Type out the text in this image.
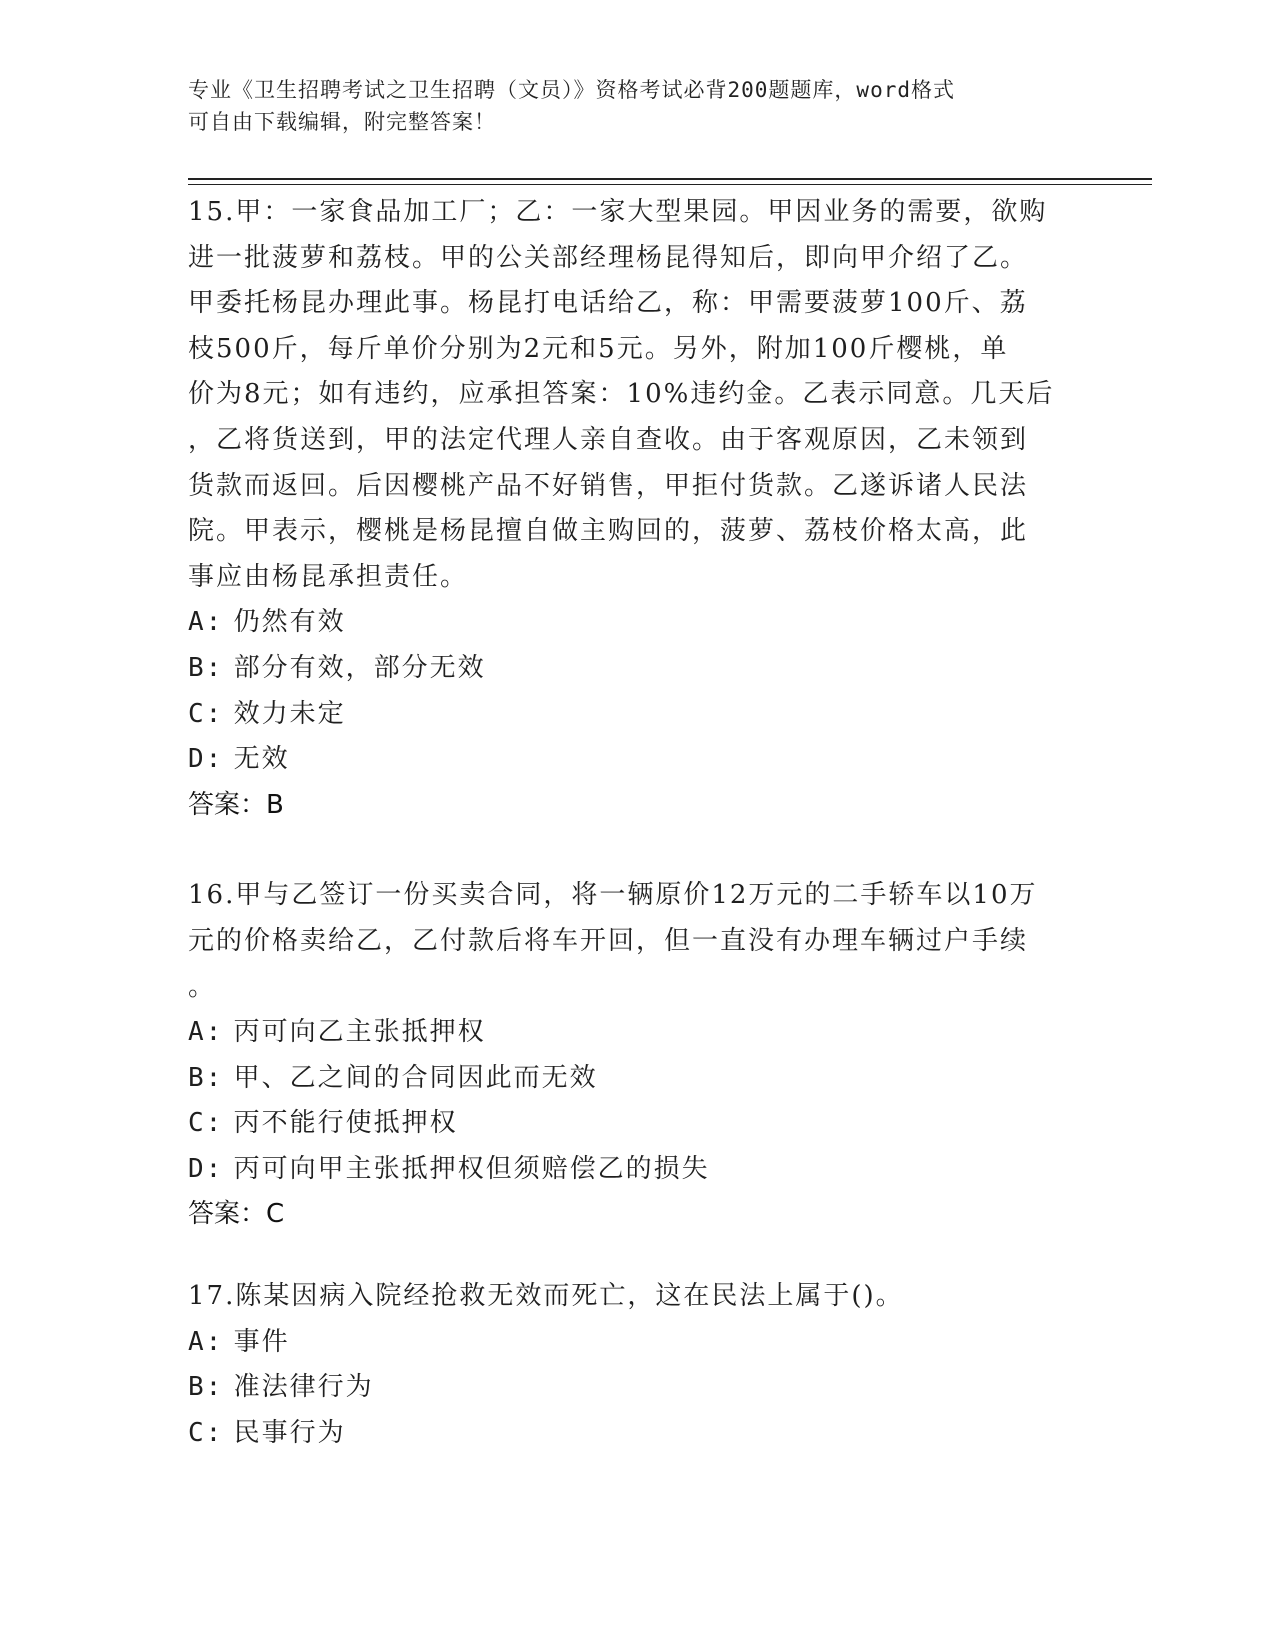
专业《卫生招聘考试之卫生招聘（文员）》资格考试必背200题题库，word格式
可自由下载编辑，附完整答案！
15.甲：一家食品加工厂；乙：一家大型果园。甲因业务的需要，欲购
进一批菠萝和荔枝。甲的公关部经理杨昆得知后，即向甲介绍了乙。
甲委托杨昆办理此事。杨昆打电话给乙，称：甲需要菠萝100斤、荔
枝500斤，每斤单价分别为2元和5元。另外，附加100斤樱桃，单
价为8元；如有违约，应承担答案：10%违约金。乙表示同意。几天后
，乙将货送到，甲的法定代理人亲自查收。由于客观原因，乙未领到
货款而返回。后因樱桃产品不好销售，甲拒付货款。乙遂诉诸人民法
院。甲表示，樱桃是杨昆擅自做主购回的，菠萝、荔枝价格太高，此
事应由杨昆承担责任。
A: 仍然有效
B: 部分有效，部分无效
C: 效力未定
D: 无效
答案：B
16.甲与乙签订一份买卖合同，将一辆原价12万元的二手轿车以10万
元的价格卖给乙，乙付款后将车开回，但一直没有办理车辆过户手续
。
A: 丙可向乙主张抵押权
B: 甲、乙之间的合同因此而无效
C: 丙不能行使抵押权
D: 丙可向甲主张抵押权但须赔偿乙的损失
答案：C
17.陈某因病入院经抢救无效而死亡，这在民法上属于()。
A: 事件
B: 准法律行为
C: 民事行为
